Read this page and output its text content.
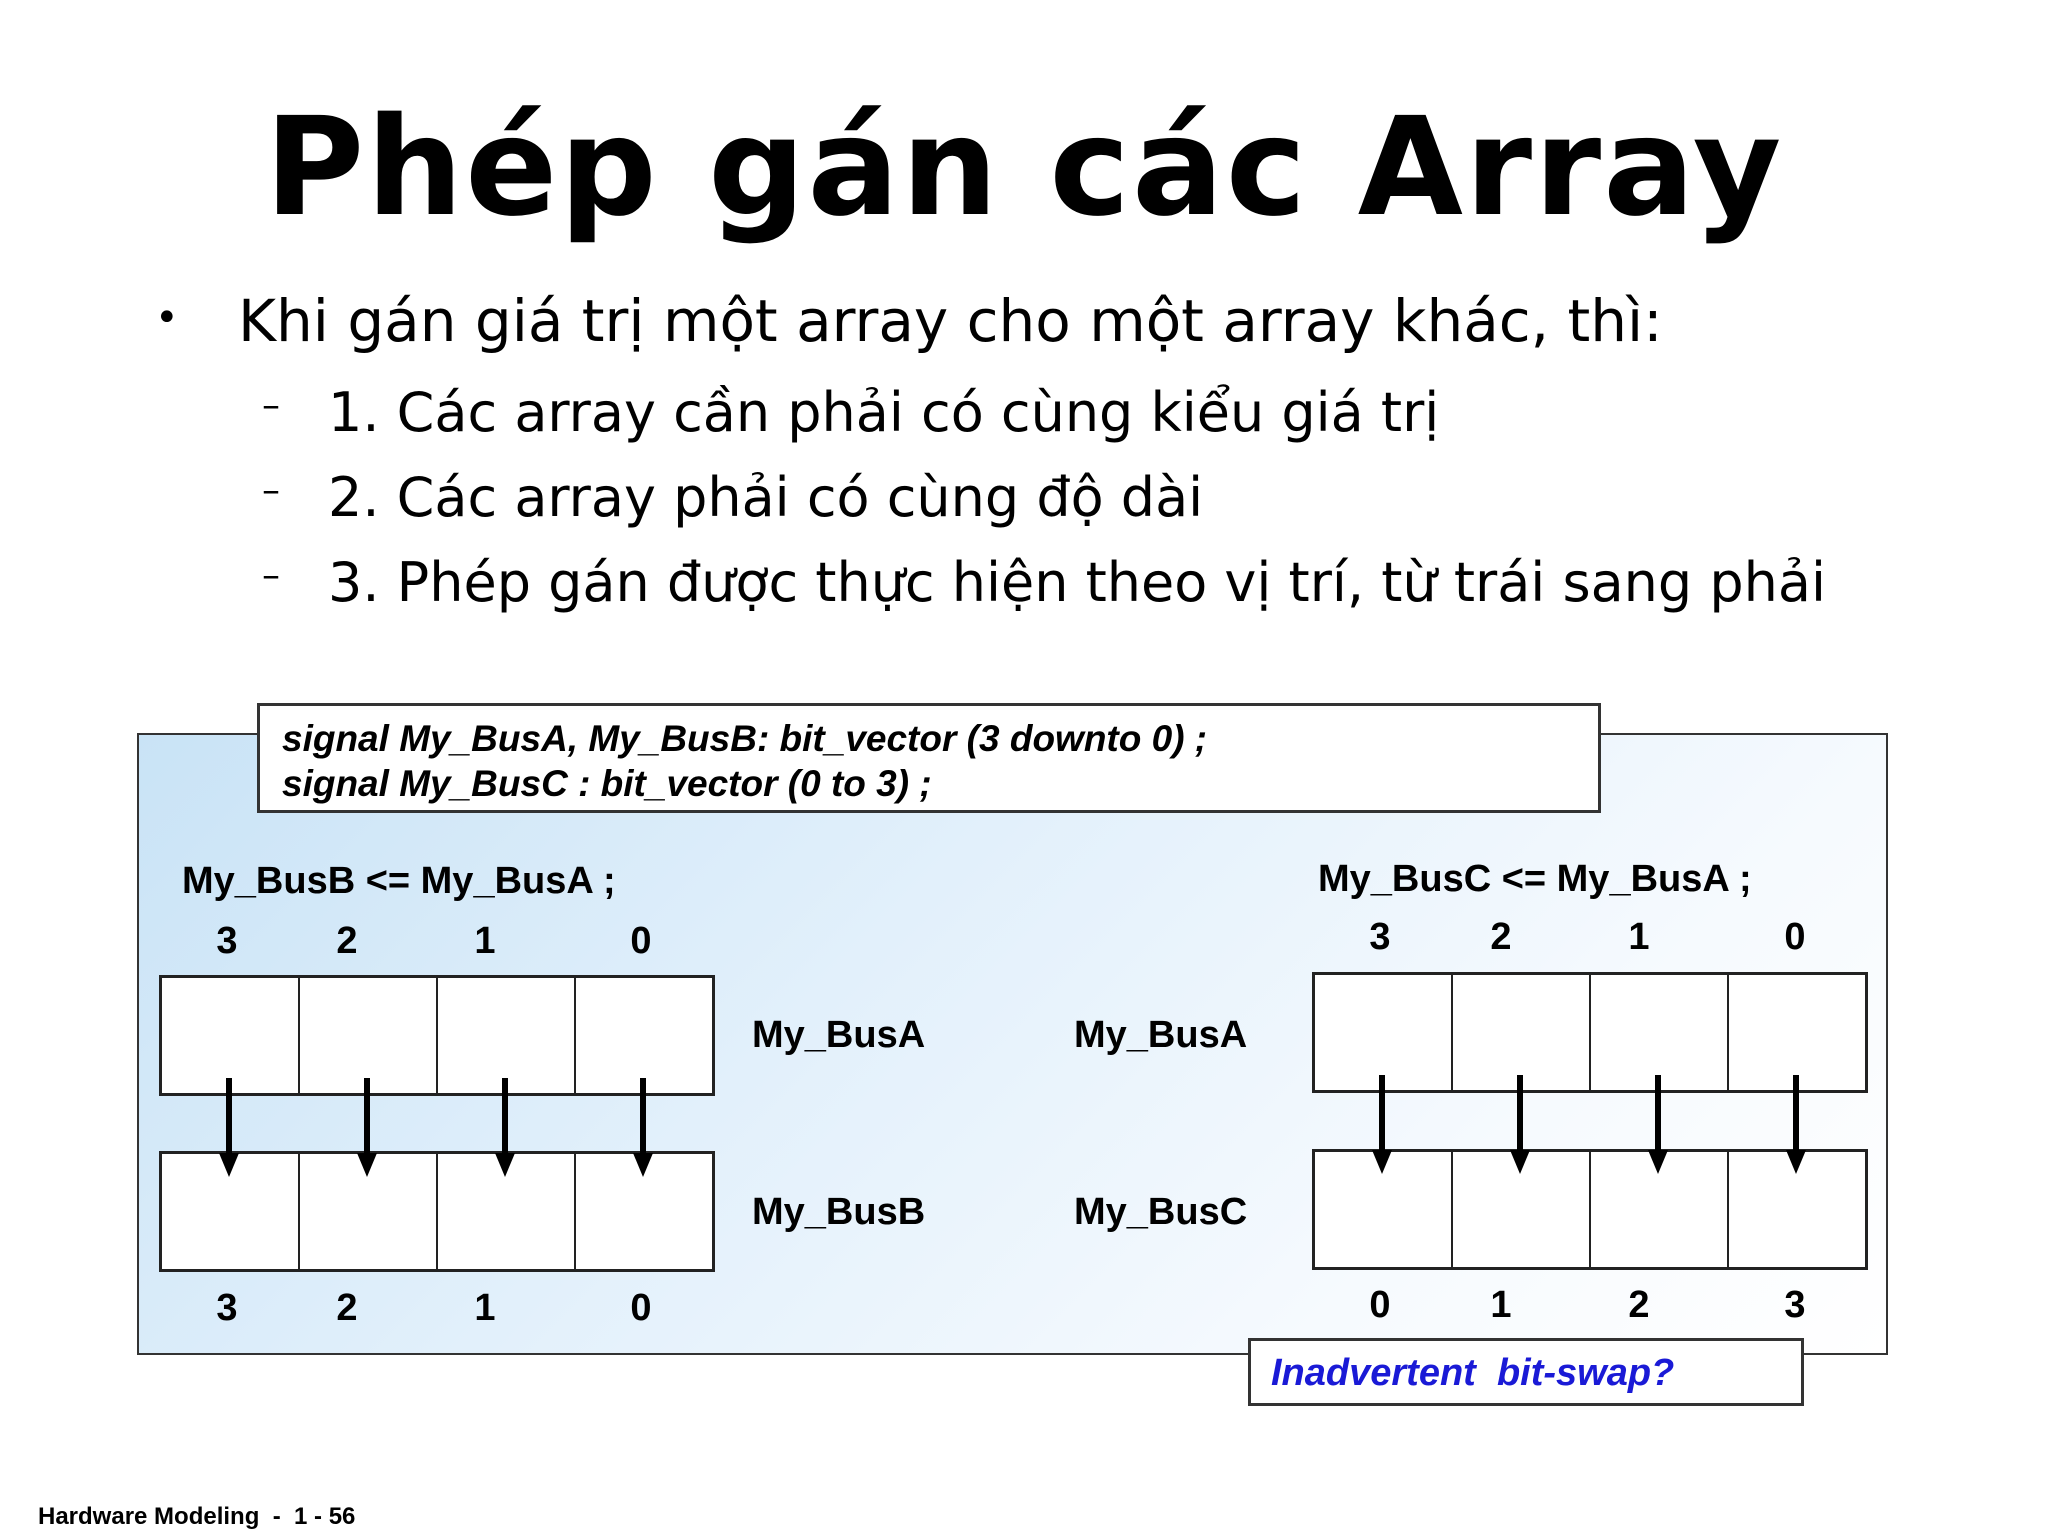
Phép gán các Array
• Khi gán giá trị một array cho một array khác, thì:
– 1. Các array cần phải có cùng kiểu giá trị
– 2. Các array phải có cùng độ dài
– 3. Phép gán được thực hiện theo vị trí, từ trái sang phải
signal My_BusA, My_BusB: bit_vector (3 downto 0) ;
signal My_BusC : bit_vector (0 to 3) ;
My_BusB <= My_BusA ;
3	2	1	0
3	2	1	0
My_BusA
My_BusB
My_BusC <= My_BusA ;
3	2	1	0
0	1	2	3
My_BusA
My_BusC
Inadvertent  bit-swap?
Hardware Modeling  -  1 - 56
